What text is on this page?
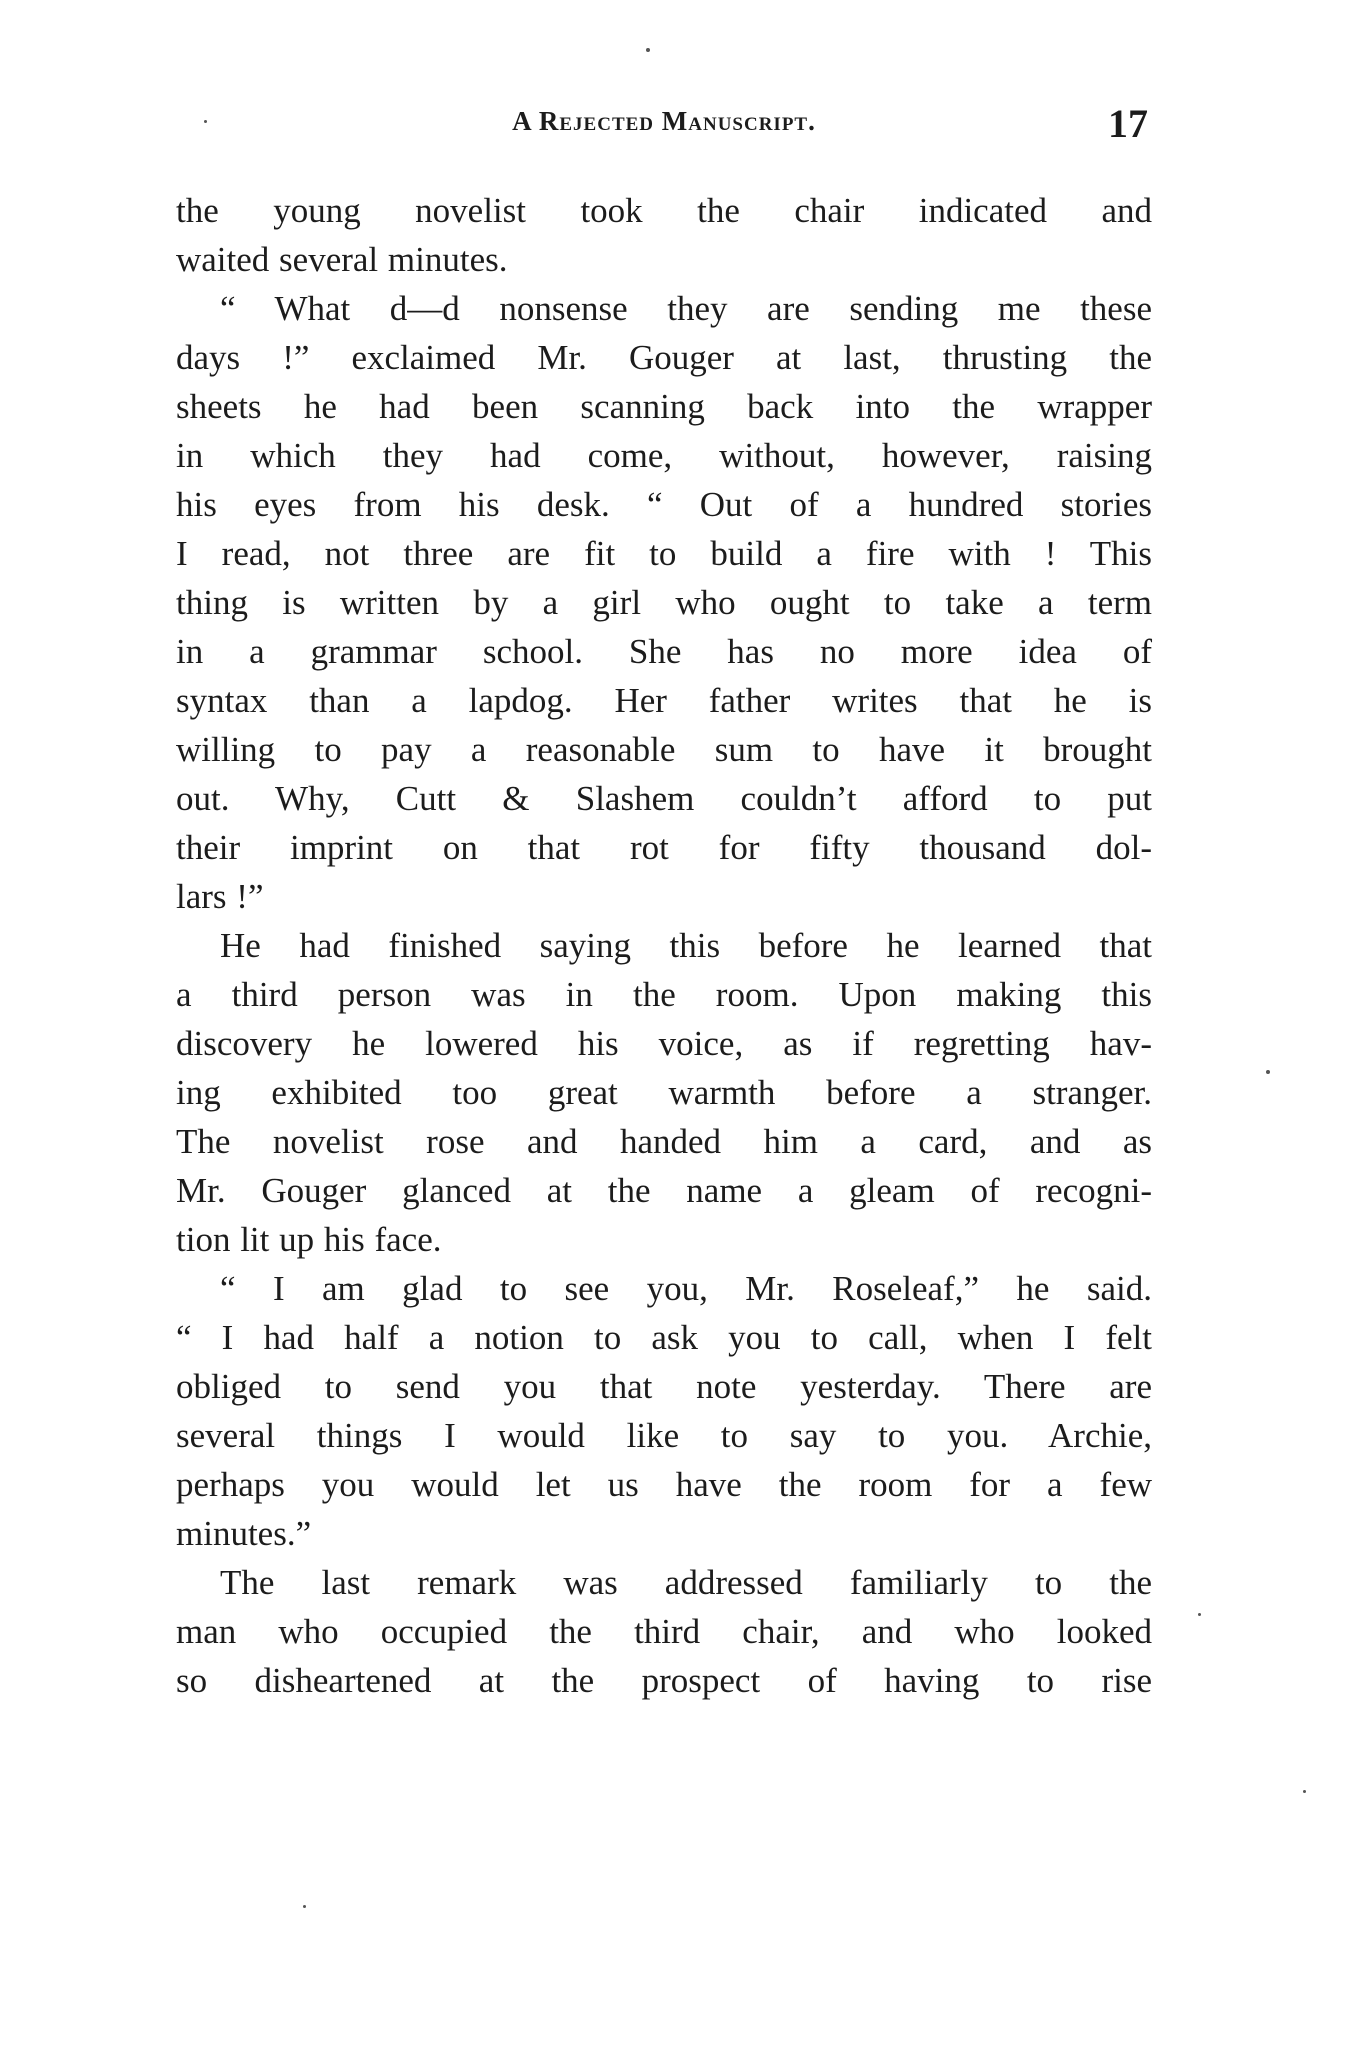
A Rejected Manuscript.	17
the young novelist took the chair indicated and
waited several minutes.
“ What d—d nonsense they are sending me these
days !” exclaimed Mr. Gouger at last, thrusting the
sheets he had been scanning back into the wrapper
in which they had come, without, however, raising
his eyes from his desk. “ Out of a hundred stories
I read, not three are fit to build a fire with ! This
thing is written by a girl who ought to take a term
in a grammar school. She has no more idea of
syntax than a lapdog. Her father writes that he is
willing to pay a reasonable sum to have it brought
out. Why, Cutt & Slashem couldn’t afford to put
their imprint on that rot for fifty thousand dol-
lars !”
He had finished saying this before he learned that
a third person was in the room. Upon making this
discovery he lowered his voice, as if regretting hav-
ing exhibited too great warmth before a stranger.
The novelist rose and handed him a card, and as
Mr. Gouger glanced at the name a gleam of recogni-
tion lit up his face.
“ I am glad to see you, Mr. Roseleaf,” he said.
“ I had half a notion to ask you to call, when I felt
obliged to send you that note yesterday. There are
several things I would like to say to you. Archie,
perhaps you would let us have the room for a few
minutes.”
The last remark was addressed familiarly to the
man who occupied the third chair, and who looked
so disheartened at the prospect of having to rise
